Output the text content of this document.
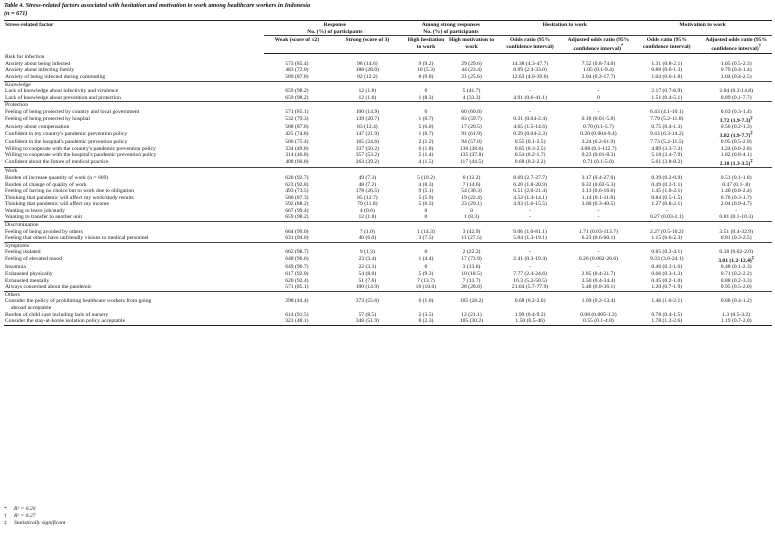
Table 4. Stress-related factors associated with hesitation and motivation to work among healthcare workers in Indonesia
(n = 671)
Stress-related factor	Response
No. (%) of participants		Among strong responses
No. (%) of participants		Hesitation to work		Motivation to work	
	Weak (score of ≤2)	Strong (score of 3)	High hesitation to work	High motivation to work	Odds ratio (95% confidence interval)	Adjusted odds ratio (95% confidence interval)*	Odds ratio (95% confidence interval)	Adjusted odds ratio (95% confidence interval)†
Risk for infection								
Anxiety about being infected	573 (85.4)	98 (14.6)	9 (9.2)	29 (29.6)	14.38 (4.3-47.7)	7.52 (0.8-74.0)	1.31 (0.8-2.1)	1.05 (0.5-2.3)
Anxiety about infecting family	483 (72.0)	188 (28.0)	10 (5.3)	44 (23.4)	8.99 (2.4-33.0)	1.05 (0.1-9.4)	0.88 (0.6-1.3)	0.79 (0.4-1.4)
Anxiety of being infected during commuting	589 (87.8)	82 (12.2)	8 (9.8)	21 (25.6)	12.63 (4.0-39.6)	2.04 (0.2-17.7)	1.04 (0.6-1.8)	1.04 (0.4-2.5)
Knowledge								
Lack of knowledge about infectivity and virulence	659 (98.2)	12 (1.8)	0	5 (41.7)	-	-	2.17 (0.7-6.9)	2.04 (0.3-14.8)
Lack of knowledge about prevention and protection	659 (98.2)	12 (1.8)	1 (8.3)	4 (33.3)	4.91 (0.6-41.1)	0	1.51 (0.4-5.1)	0.89 (0.1-7.7)
Protection								
Feeling of being protected by country and local government	571 (85.1)	100 (14.9)	0	60 (60.0)	-	-	6.43 (4.1-10.1)	0.63 (0.3-1.4)
Feeling of being protected by hospital	532 (79.3)	139 (20.7)	1 (0.7)	83 (59.7)	0.31 (0.04-2.4)	0.18 (0.01-5.8)	7.79 (5.2-11.8)	3.72 (1.9-7.3)‡
Anxiety about compensation	588 (87.6)	83 (12.4)	5 (6.0)	17 (20.5)	4.65 (1.5-14.6)	0.70 (0.1-5.7)	0.75 (0.4-1.3)	0.56 (0.2-1.3)
Confident in my country's pandemic prevention policy	425 (74.8)	147 (21.9)	1 (0.7)	91 (61.9)	0.29 (0.04-2.3)	0.20 (0.004-9.4)	9.43 (6.3-14.2)	3.82 (1.9-7.7)‡
Confident in the hospital's pandemic prevention policy	506 (75.4)	165 (24.6)	2 (1.2)	94 (57.0)	0.55 (0.1-2.5)	3.24 (0.2-61.9)	7.73 (5.2-11.5)	0.95 (0.5-2.0)
Willing to cooperate with the country's pandemic prevention policy	334 (49.8)	337 (50.2)	6 (1.8)	130 (38.6)	0.85 (0.3-2.5)	4.08 (0.1-112.7)	4.89 (3.3-7.3)	1.24 (0.6-2.8)
Willing to cooperate with the hospital's pandemic prevention policy	314 (46.8)	357 (53.2)	5 (1.4)	135 (37.8)	0.54 (0.2-1.7)	0.23 (0.01-8.3)	5.18 (3.4-7.9)	1.82 (0.8-4.1)
Confident about the future of medical practice	408 (60.8)	263 (39.2)	4 (1.5)	117 (44.5)	0.68 (0.2-2.2)	0.71 (0.1-5.0)	5.61 (3.8-8.2)	2.18 (1.3-3.5)‡
Work								
Burden of increase quantity of work (n = 669)	620 (92.7)	49 (7.3)	5 (10.2)	6 (12.2)	8.69 (2.7-27.7)	3.17 (0.4-27.0)	0.39 (0.2-0.9)	0.51 (0.1-1.8)
Burden of change of quality of work	623 (92.8)	48 (7.2)	4 (8.3)	7 (14.6)	6.20 (1.8-20.9)	0.32 (0.02-5.3)	0.49 (0.2-1.1)	0.47 (0.1-.8)
Feeling of having no choice but to work due to obligation	493 (73.5)	178 (26.5)	9 (5.1)	54 (30.3)	6.51 (2.0-21.4)	3.13 (0.6-16.6)	1.45 (1.0-2.1)	1.40 (0.8-2.4)
Thinking that pandemic will affect my work/study results	586 (87.3)	85 (12.7)	5 (5.9)	19 (22.4)	4.52 (1.4-14.1)	1.14 (0.1-11.8)	0.84 (0.5-1.5)	0.76 (0.3-1.7)
Thinking that pandemic will affect my income	592 (88.2)	79 (11.8)	5 (6.3)	23 (29.1)	4.93 (1.6-15.5)	3.60 (0.3-40.5)	1.27 (0.8-2.1)	2.04 (0.9-4.7)
Wanting to leave job/study	667 (99.4)	4 (0.6)	0	0	-	-	-	-
Wanting to transfer to another unit	659 (98.2)	12 (1.8)	0	1 (8.3)	-	-	0.27 (0.03-2.1)	0.81 (0.1-10.3)
Discrimination								
Feeling of being avoided by others	664 (99.0)	7 (1.0)	1 (14.3)	3 (42.9)	9.06 (1.0-81.1)	1.71 (0.03-113.7)	2.27 (0.5-10.2)	3.51 (0.4-32.9)
Feeling that others have unfriendly visions to medical personnel	631 (94.0)	40 (6.0)	3 (7.5)	11 (27.5)	5.04 (1.3-19.1)	6.23 (0.6-60.1)	1.15 (0.6-2.3)	0.81 (0.3-2.5)
Symptoms								
Feeling isolated	662 (98.7)	9 (1.3)	0	2 (22.2)	-	-	0.85 (0.2-4.1)	0.18 (0.02-2.0)
Feeling of elevated mood	648 (96.6)	23 (3.4)	1 (4.4)	17 (73.9)	2.41 (0.3-19.4)	0.26 (0.002-26.6)	9.33 (3.6-24.1)	3.81 (1.2-12.4)‡
Insomnia	649 (96.7)	22 (3.3)	0	3 (13.6)	-	-	0.46 (0.1-1.6)	0.48 (0.1-2.3)
Exhausted physically	617 (92.0)	54 (8.0)	5 (9.3)	10 (18.5)	7.77 (2.4-24.6)	2.85 (0.4-21.7)	0.66 (0.3-1.3)	0.71 (0.2-2.2)
Exhausted mentally	620 (92.4)	51 (7.6)	7 (13.7)	7 (13.7)	16.3 (5.2-50.5)	3.50 (0.4-34.4)	0.45 (0.2-1.0)	0.88 (0.2-3.3)
Always concerned about the pandemic	571 (85.1)	100 (14.9)	10 (10.0)	28 (28.0)	21.04 (5.7-77.9)	5.48 (0.8-36.1)	1.20 (0.7-1.9)	0.95 (0.5-2.0)
Others								
Consider the policy of prohibiting healthcare workers from going
abroad acceptable	298 (44.4)	373 (55.6)	6 (1.6)	105 (28.2)	0.68 (0.2-2.0)	1.69 (0.2-13.4)	1.46 (1.0-2.1)	0.68 (0.4-1.2)
Burden of child care including lack of nursery	614 (91.5)	57 (8.5)	2 (3.5)	12 (21.1)	1.99 (0.4-9.2)	0.08 (0.005-1.3)	0.78 (0.4-1.5)	1.3 (0.5-3.2)
Consider the stay-at-home isolation policy acceptable	323 (48.1)	348 (51.9)	8 (2.3)	105 (30.2)	1.50 (0.5-46)	0.55 (0.1-4.8)	1.78 (1.2-2.6)	1.19 (0.7-2.0)
* R² = 0.20
† R² = 0.27
‡ Statistically significant
